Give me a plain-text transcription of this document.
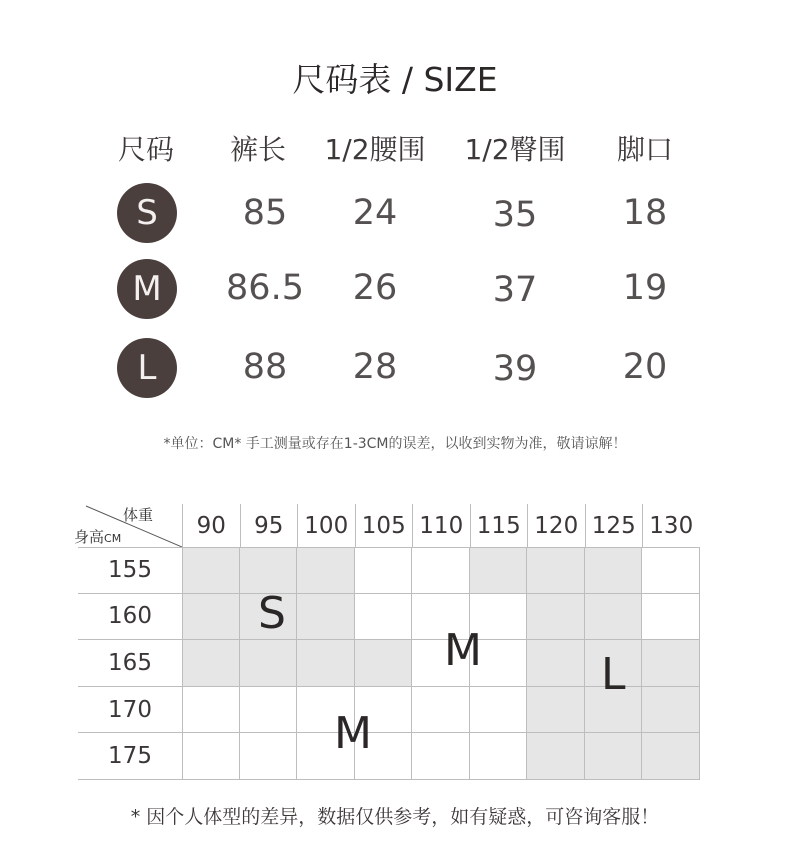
尺码表 / SIZE
尺码	裤长	1/2腰围	1/2臀围	脚口
S	85	24	35	18
M	86.5	26	37	19
L	88	28	39	20
*单位：CM* 手工测量或存在1-3CM的误差，以收到实物为准，敬请谅解！
体重
身高CM	90	95 100 105 110 115 120 125 130
155
160
165
170
175
S
M	L
M
* 因个人体型的差异，数据仅供参考，如有疑惑，可咨询客服！
